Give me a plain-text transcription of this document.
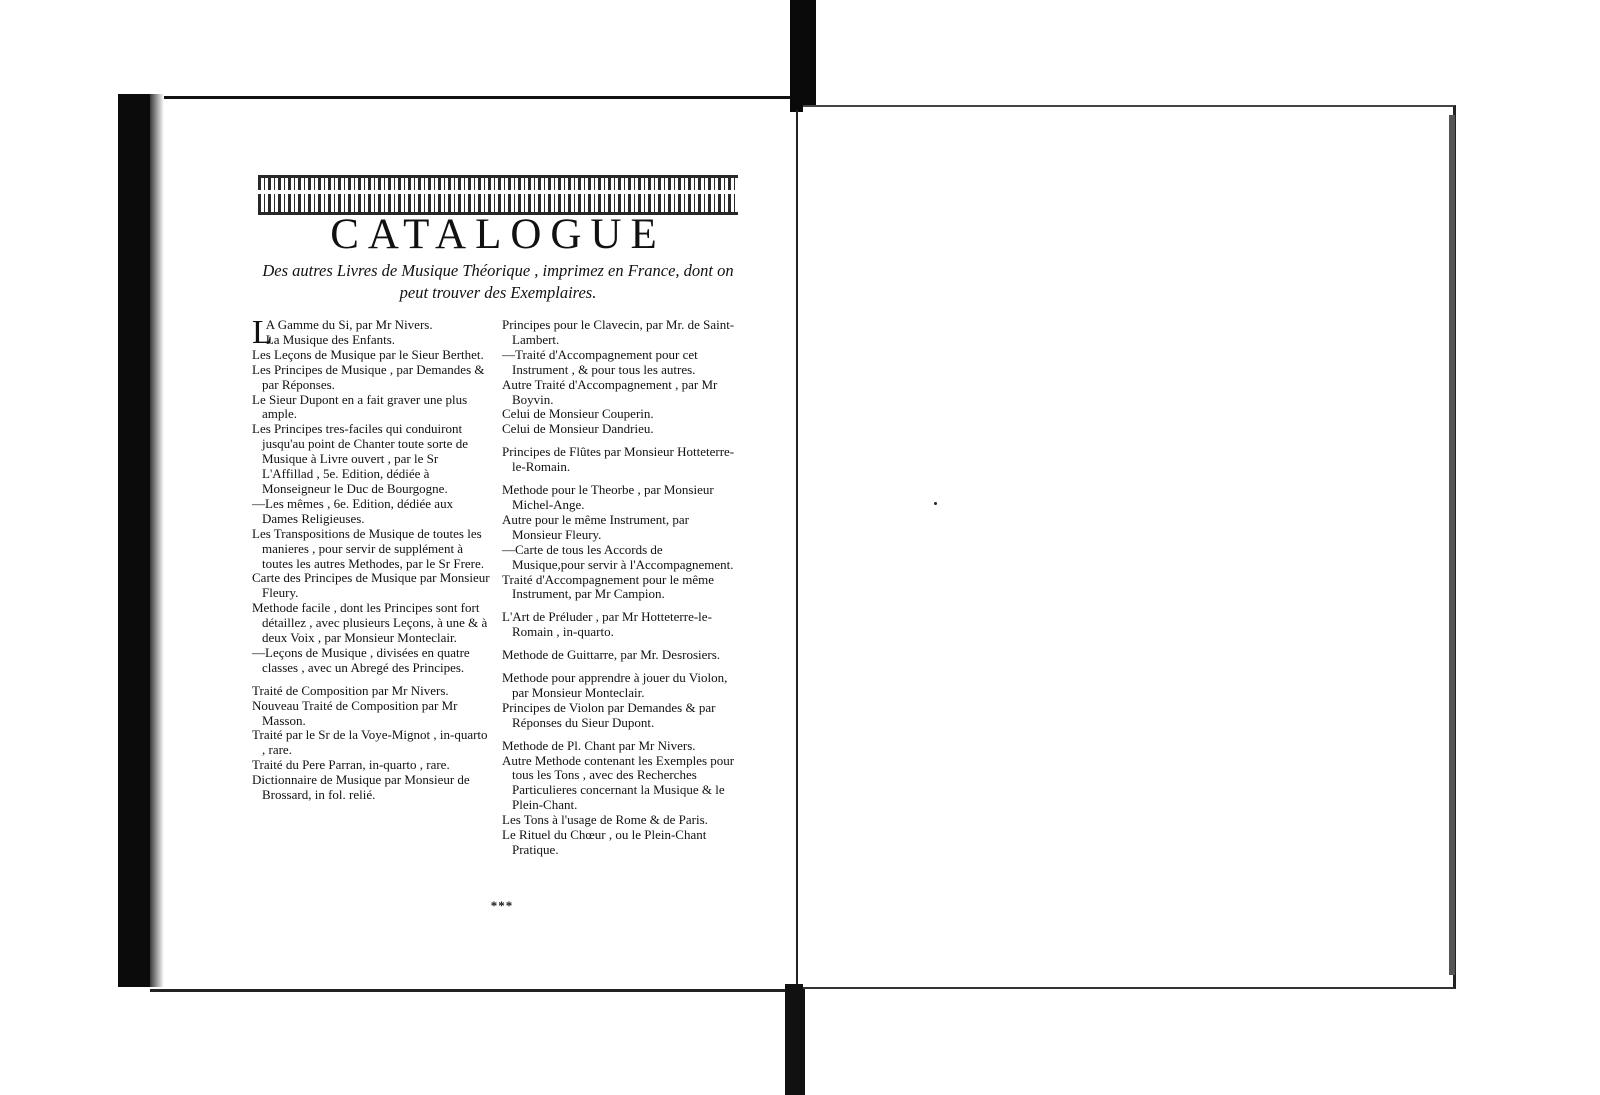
CATALOGUE
Des autres Livres de Musique Théorique , imprimez en France, dont on peut trouver des Exemplaires.

L
A Gamme du Si, par Mr Nivers.

La Musique des Enfants.

Les Leçons de Musique par le Sieur Berthet.

Les Principes de Musique , par Demandes & par Réponses.

Le Sieur Dupont en a fait graver une plus ample.

Les Principes tres-faciles qui conduiront jusqu'au point de Chanter toute sorte de Musique à Livre ouvert , par le Sr L'Affillad , 5e. Edition, dédiée à Monseigneur le Duc de Bourgogne.

—Les mêmes , 6e. Edition, dédiée aux Dames Religieuses.

Les Transpositions de Musique de toutes les manieres , pour servir de supplément à toutes les autres Methodes, par le Sr Frere.

Carte des Principes de Musique par Monsieur Fleury.

Methode facile , dont les Principes sont fort détaillez , avec plusieurs Leçons, à une & à deux Voix , par Monsieur Monteclair.

—Leçons de Musique , divisées en quatre classes , avec un Abregé des Principes.

Traité de Composition par Mr Nivers.

Nouveau Traité de Composition par Mr Masson.

Traité par le Sr de la Voye-Mignot , in-quarto , rare.

Traité du Pere Parran, in-quarto , rare.

Dictionnaire de Musique par Monsieur de Brossard, in fol. relié.

Principes pour le Clavecin, par Mr. de Saint-Lambert.

—Traité d'Accompagnement pour cet Instrument , & pour tous les autres.

Autre Traité d'Accompagnement , par Mr Boyvin.

Celui de Monsieur Couperin.

Celui de Monsieur Dandrieu.

Principes de Flûtes par Monsieur Hotteterre-le-Romain.

Methode pour le Theorbe , par Monsieur Michel-Ange.

Autre pour le même Instrument, par Monsieur Fleury.

—Carte de tous les Accords de Musique,pour servir à l'Accompagnement.

Traité d'Accompagnement pour le même Instrument, par Mr Campion.

L'Art de Préluder , par Mr Hotteterre-le-Romain , in-quarto.

Methode de Guittarre, par Mr. Desrosiers.

Methode pour apprendre à jouer du Violon, par Monsieur Monteclair.

Principes de Violon par Demandes & par Réponses du Sieur Dupont.

Methode de Pl. Chant par Mr Nivers.

Autre Methode contenant les Exemples pour tous les Tons , avec des Recherches Particulieres concernant la Musique & le Plein-Chant.

Les Tons à l'usage de Rome & de Paris.

Le Rituel du Chœur , ou le Plein-Chant Pratique.

***
